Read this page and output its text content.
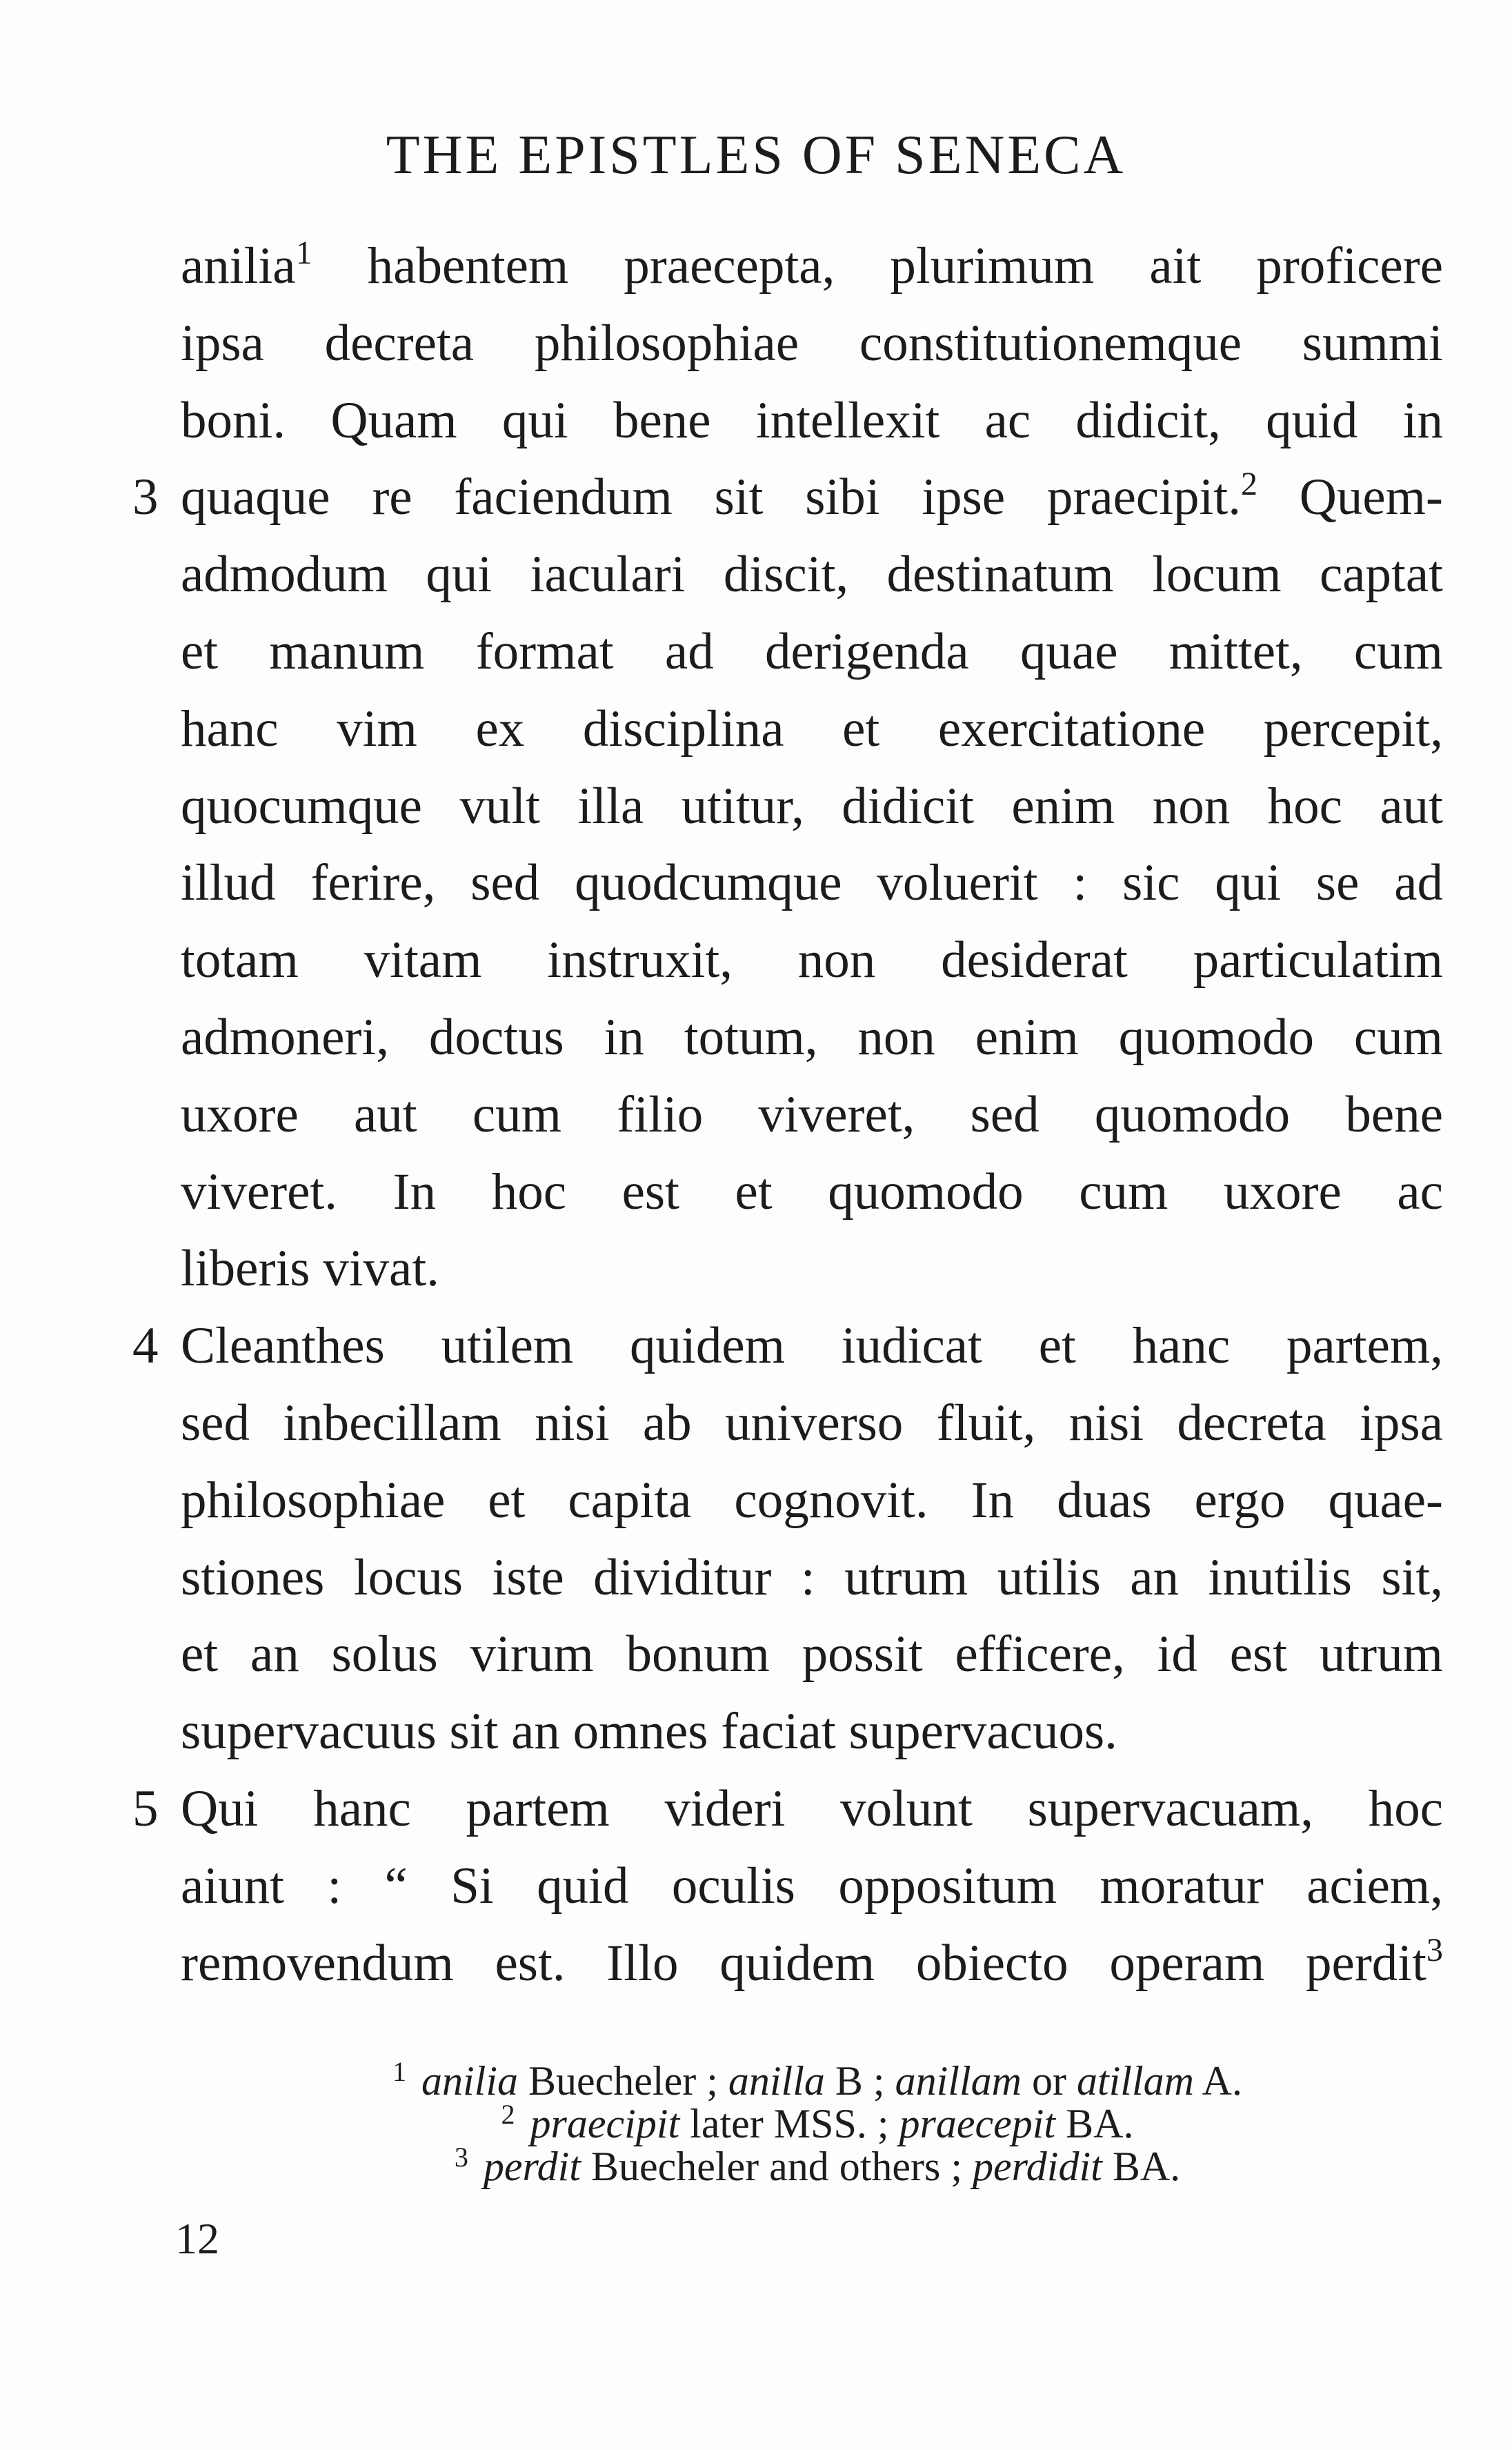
THE EPISTLES OF SENECA
anilia$^1$ habentem praecepta, plurimum ait proficere
ipsa decreta philosophiae constitutionemque summi
boni. Quam qui bene intellexit ac didicit, quid in
3 quaque re faciendum sit sibi ipse praecipit.$^2$ Quem-
admodum qui iaculari discit, destinatum locum captat
et manum format ad derigenda quae mittet, cum
hanc vim ex disciplina et exercitatione percepit,
quocumque vult illa utitur, didicit enim non hoc aut
illud ferire, sed quodcumque voluerit : sic qui se ad
totam vitam instruxit, non desiderat particulatim
admoneri, doctus in totum, non enim quomodo cum
uxore aut cum filio viveret, sed quomodo bene
viveret. In hoc est et quomodo cum uxore ac
liberis vivat.
4 Cleanthes utilem quidem iudicat et hanc partem,
sed inbecillam nisi ab universo fluit, nisi decreta ipsa
philosophiae et capita cognovit. In duas ergo quae-
stiones locus iste dividitur : utrum utilis an inutilis sit,
et an solus virum bonum possit efficere, id est utrum
supervacuus sit an omnes faciat supervacuos.
5 Qui hanc partem videri volunt supervacuam, hoc
aiunt : “ Si quid oculis oppositum moratur aciem,
removendum est. Illo quidem obiecto operam perdit$^3$
$^1$ anilia Buecheler ; anilla B ; anillam or atillam A.
$^2$ praecipit later MSS. ; praecepit BA.
$^3$ perdit Buecheler and others ; perdidit BA.
12
